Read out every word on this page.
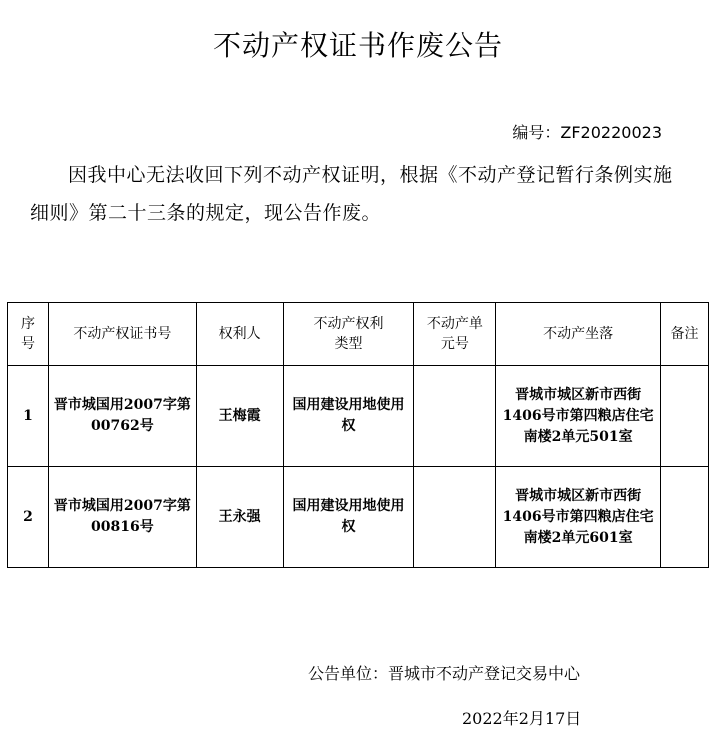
不动产权证书作废公告
编号：ZF20220023
因我中心无法收回下列不动产权证明，根据《不动产登记暂行条例实施细则》第二十三条的规定，现公告作废。
序号	不动产权证书号	权利人	不动产权利类型	不动产单元号	不动产坐落	备注
1	晋市城国用2007字第00762号	王梅霞	国用建设用地使用权		晋城市城区新市西街1406号市第四粮店住宅南楼2单元501室	
2	晋市城国用2007字第00816号	王永强	国用建设用地使用权		晋城市城区新市西街1406号市第四粮店住宅南楼2单元601室	
公告单位：晋城市不动产登记交易中心
2022年2月17日
